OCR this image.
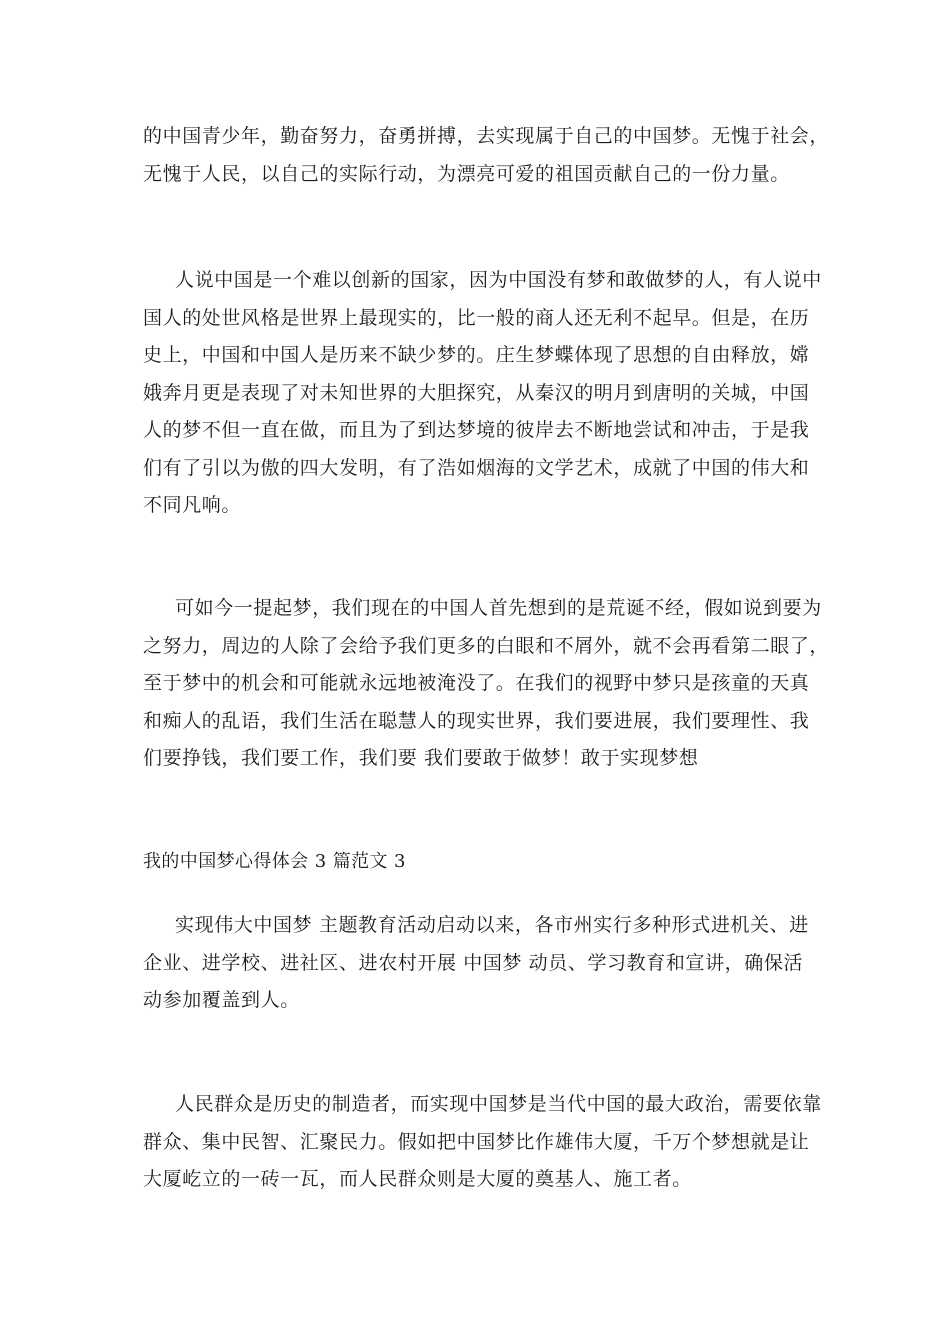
的中国青少年，勤奋努力，奋勇拼搏，去实现属于自己的中国梦。无愧于社会，
无愧于人民，以自己的实际行动，为漂亮可爱的祖国贡献自己的一份力量。
人说中国是一个难以创新的国家，因为中国没有梦和敢做梦的人，有人说中
国人的处世风格是世界上最现实的，比一般的商人还无利不起早。但是，在历
史上，中国和中国人是历来不缺少梦的。庄生梦蝶体现了思想的自由释放，嫦
娥奔月更是表现了对未知世界的大胆探究，从秦汉的明月到唐明的关城，中国
人的梦不但一直在做，而且为了到达梦境的彼岸去不断地尝试和冲击，于是我
们有了引以为傲的四大发明，有了浩如烟海的文学艺术，成就了中国的伟大和
不同凡响。
可如今一提起梦，我们现在的中国人首先想到的是荒诞不经，假如说到要为
之努力，周边的人除了会给予我们更多的白眼和不屑外，就不会再看第二眼了，
至于梦中的机会和可能就永远地被淹没了。在我们的视野中梦只是孩童的天真
和痴人的乱语，我们生活在聪慧人的现实世界，我们要进展，我们要理性、我
们要挣钱，我们要工作，我们要 我们要敢于做梦！敢于实现梦想
我的中国梦心得体会 3 篇范文 3
实现伟大中国梦 主题教育活动启动以来，各市州实行多种形式进机关、进
企业、进学校、进社区、进农村开展 中国梦 动员、学习教育和宣讲，确保活
动参加覆盖到人。
人民群众是历史的制造者，而实现中国梦是当代中国的最大政治，需要依靠
群众、集中民智、汇聚民力。假如把中国梦比作雄伟大厦，千万个梦想就是让
大厦屹立的一砖一瓦，而人民群众则是大厦的奠基人、施工者。
